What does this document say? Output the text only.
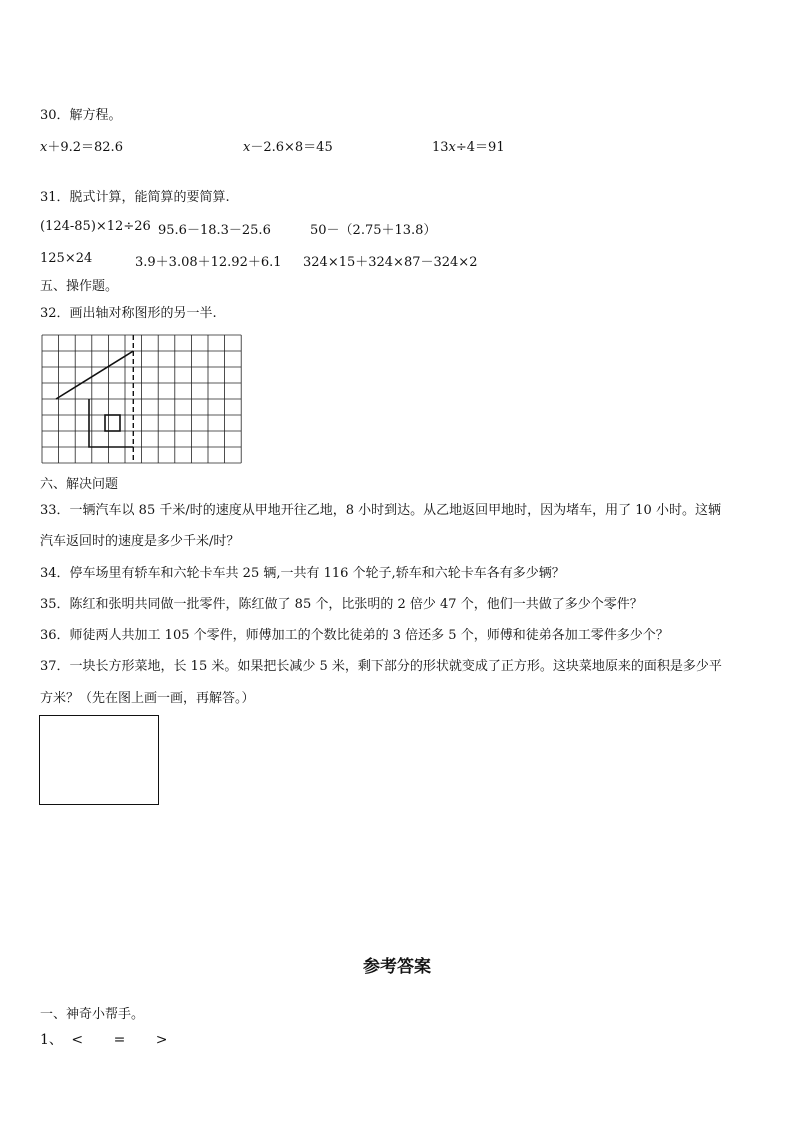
30．解方程。
x＋9.2＝82.6	x－2.6×8＝45	13x÷4＝91
31．脱式计算，能简算的要简算.
(124-85)×12÷26 95.6－18.3－25.6	50－（2.75＋13.8）
125×24	3.9＋3.08＋12.92＋6.1 324×15＋324×87－324×2
五、操作题。
32．画出轴对称图形的另一半.
六、解决问题
33．一辆汽车以 85 千米/时的速度从甲地开往乙地，8 小时到达。从乙地返回甲地时，因为堵车，用了 10 小时。这辆
汽车返回时的速度是多少千米/时？
34．停车场里有轿车和六轮卡车共 25 辆,一共有 116 个轮子,轿车和六轮卡车各有多少辆？
35．陈红和张明共同做一批零件，陈红做了 85 个，比张明的 2 倍少 47 个，他们一共做了多少个零件？
36．师徒两人共加工 105 个零件，师傅加工的个数比徒弟的 3 倍还多 5 个，师傅和徒弟各加工零件多少个？
37．一块长方形菜地，长 15 米。如果把长减少 5 米，剩下部分的形状就变成了正方形。这块菜地原来的面积是多少平
方米？（先在图上画一画，再解答。）
参考答案
一、神奇小帮手。
1、 < = >
